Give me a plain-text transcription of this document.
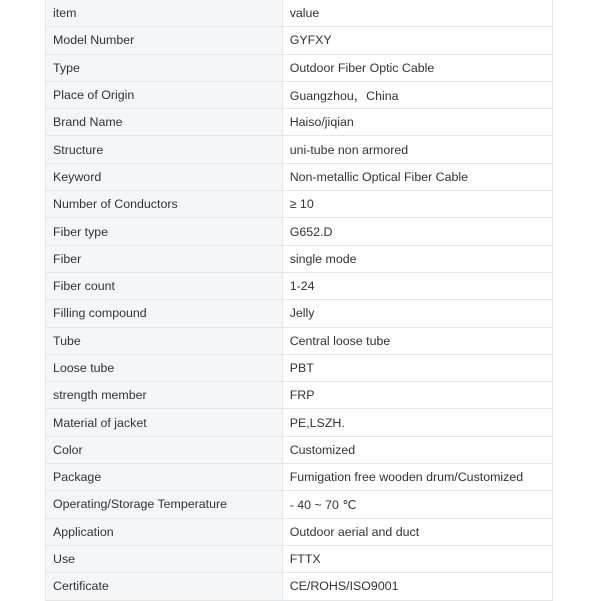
item	value
Model Number	GYFXY
Type	Outdoor Fiber Optic Cable
Place of Origin	Guangzhou，China
Brand Name	Haiso/jiqian
Structure	uni-tube non armored
Keyword	Non-metallic Optical Fiber Cable
Number of Conductors	≥ 10
Fiber type	G652.D
Fiber	single mode
Fiber count	1-24
Filling compound	Jelly
Tube	Central loose tube
Loose tube	PBT
strength member	FRP
Material of jacket	PE,LSZH.
Color	Customized
Package	Fumigation free wooden drum/Customized
Operating/Storage Temperature	- 40 ~ 70 ℃
Application	Outdoor aerial and duct
Use	FTTX
Certificate	CE/ROHS/ISO9001
